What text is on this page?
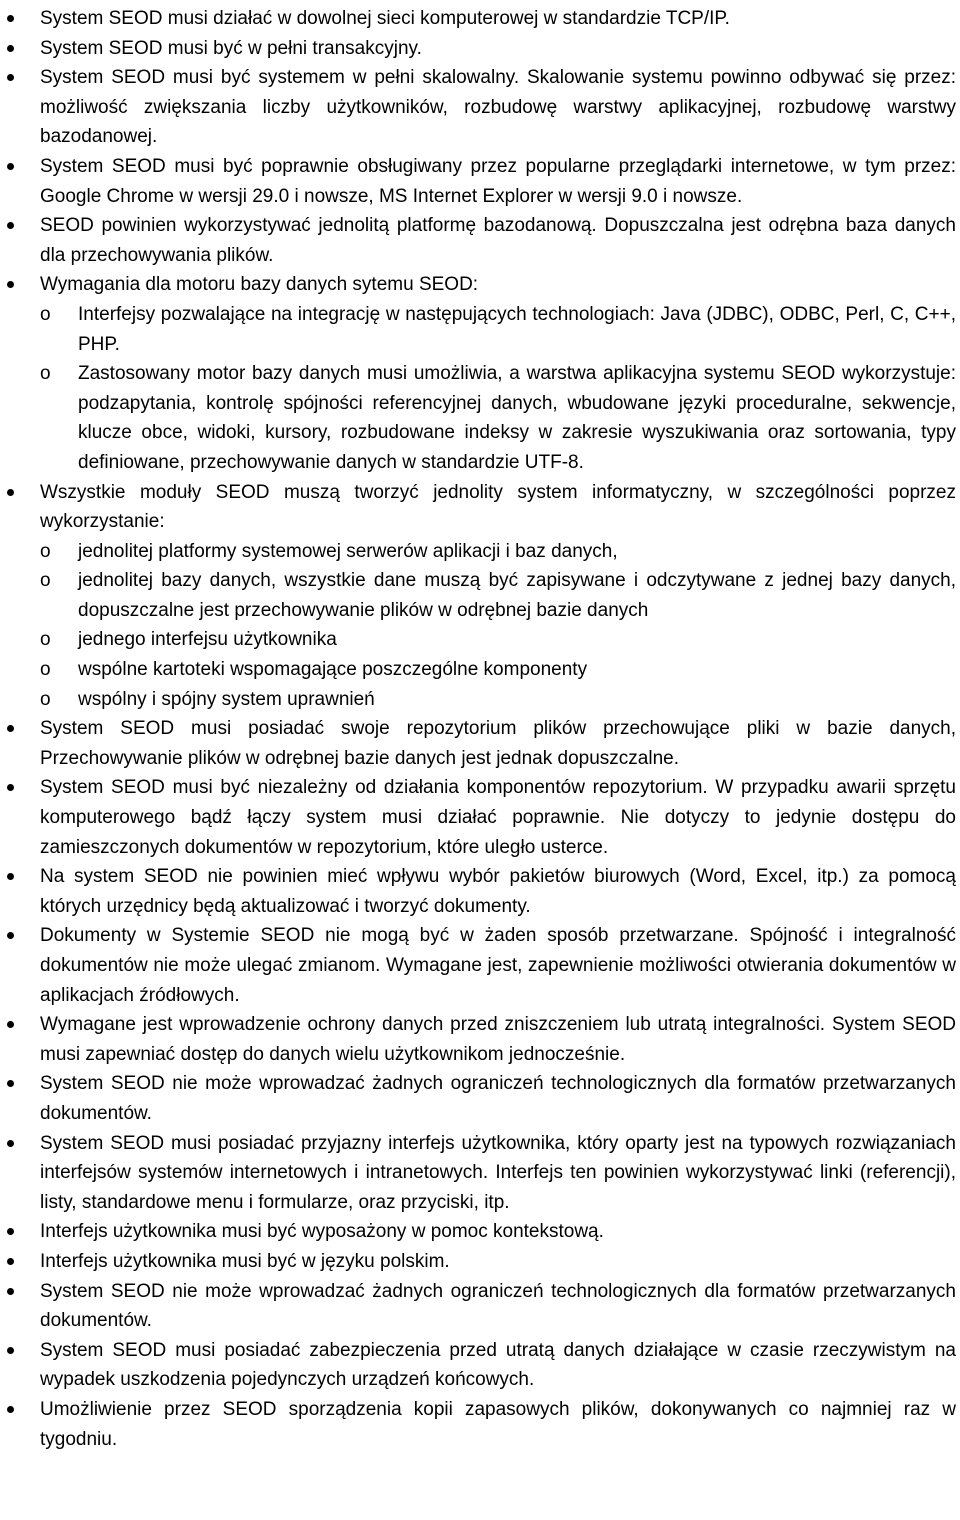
System SEOD musi działać w dowolnej sieci komputerowej w standardzie TCP/IP.
System SEOD musi być w pełni transakcyjny.
System SEOD musi być systemem w pełni skalowalny. Skalowanie systemu powinno odbywać się przez: możliwość zwiększania liczby użytkowników, rozbudowę warstwy aplikacyjnej, rozbudowę warstwy bazodanowej.
System SEOD musi być poprawnie obsługiwany przez popularne przeglądarki internetowe, w tym przez: Google Chrome w wersji 29.0 i nowsze, MS Internet Explorer w wersji 9.0 i nowsze.
SEOD powinien wykorzystywać jednolitą platformę bazodanową. Dopuszczalna jest odrębna baza danych dla przechowywania plików.
Wymagania dla motoru bazy danych sytemu SEOD:
o Interfejsy pozwalające na integrację w następujących technologiach: Java (JDBC), ODBC, Perl, C, C++, PHP.
o Zastosowany motor bazy danych musi umożliwia, a warstwa aplikacyjna systemu SEOD wykorzystuje: podzapytania, kontrolę spójności referencyjnej danych, wbudowane języki proceduralne, sekwencje, klucze obce, widoki, kursory, rozbudowane indeksy w zakresie wyszukiwania oraz sortowania, typy definiowane, przechowywanie danych w standardzie UTF-8.
Wszystkie moduły SEOD muszą tworzyć jednolity system informatyczny, w szczególności poprzez wykorzystanie:
o jednolitej platformy systemowej serwerów aplikacji i baz danych,
o jednolitej bazy danych, wszystkie dane muszą być zapisywane i odczytywane z jednej bazy danych, dopuszczalne jest przechowywanie plików w odrębnej bazie danych
o jednego interfejsu użytkownika
o wspólne kartoteki wspomagające poszczególne komponenty
o wspólny i spójny system uprawnień
System SEOD musi posiadać swoje repozytorium plików przechowujące pliki w bazie danych, Przechowywanie plików w odrębnej bazie danych jest jednak dopuszczalne.
System SEOD musi być niezależny od działania komponentów repozytorium. W przypadku awarii sprzętu komputerowego bądź łączy system musi działać poprawnie. Nie dotyczy to jedynie dostępu do zamieszczonych dokumentów w repozytorium, które uległo usterce.
Na system SEOD nie powinien mieć wpływu wybór pakietów biurowych (Word, Excel, itp.) za pomocą których urzędnicy będą aktualizować i tworzyć dokumenty.
Dokumenty w Systemie SEOD nie mogą być w żaden sposób przetwarzane. Spójność i integralność dokumentów nie może ulegać zmianom. Wymagane jest, zapewnienie możliwości otwierania dokumentów w aplikacjach źródłowych.
Wymagane jest wprowadzenie ochrony danych przed zniszczeniem lub utratą integralności. System SEOD musi zapewniać dostęp do danych wielu użytkownikom jednocześnie.
System SEOD nie może wprowadzać żadnych ograniczeń technologicznych dla formatów przetwarzanych dokumentów.
System SEOD musi posiadać przyjazny interfejs użytkownika, który oparty jest na typowych rozwiązaniach interfejsów systemów internetowych i intranetowych. Interfejs ten powinien wykorzystywać linki (referencji), listy, standardowe menu i formularze, oraz przyciski, itp.
Interfejs użytkownika musi być wyposażony w pomoc kontekstową.
Interfejs użytkownika musi być w języku polskim.
System SEOD nie może wprowadzać żadnych ograniczeń technologicznych dla formatów przetwarzanych dokumentów.
System SEOD musi posiadać zabezpieczenia przed utratą danych działające w czasie rzeczywistym na wypadek uszkodzenia pojedynczych urządzeń końcowych.
Umożliwienie przez SEOD sporządzenia kopii zapasowych plików, dokonywanych co najmniej raz w tygodniu.
